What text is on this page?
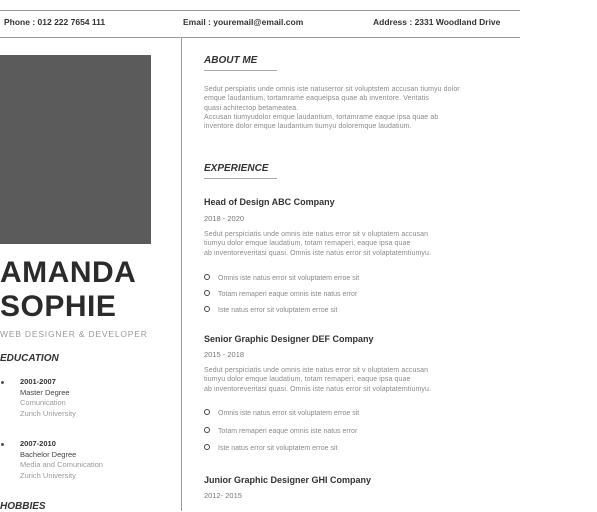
Phone : 012 222 7654 111	Email : youremail@email.com	Address : 2331 Woodland Drive
AMANDA
SOPHIE
WEB DESIGNER & DEVELOPER
EDUCATION
2001-2007
Master Degree
Comunication
Zurich University
2007-2010
Bachelor Degree
Media and Comunication
Zurich University
HOBBIES
ABOUT ME
Sedut perspiatis unde omnis iste natuserror sit voluptstem accusan tiumyu dolor
emque laudantium, tortamrame eaqueipsa quae ab inventore. Veritatis
quasi achitectop betameatea.
Accusan tiumyudolor emque laudantium, tortamrame eaque ipsa quae ab
inventore dolor emque laudantium tiumyu doloremque laudatium.
EXPERIENCE
Head of Design ABC Company
2018 - 2020
Sedut perspiciatis unde omnis iste natus error sit v oluptatem accusan
tiumyu dolor emque laudatium, totam remaperi, eaque ipsa quae
ab inventoreveritasi quasi. Omnis iste natus error sit volaptatemtiumyu.
Omnis iste natus error sit voluptatem erroe sit
Totam remaperi eaque omnis iste natus error
Iste natus error sit voluptatem erroe sit
Senior Graphic Designer DEF Company
2015 - 2018
Sedut perspiciatis unde omnis iste natus error sit v oluptatem accusan
tiumyu dolor emque laudatium, totam remaperi, eaque ipsa quae
ab inventoreveritasi quasi. Omnis iste natus error sit volaptatemtiumyu.
Omnis iste natus error sit voluptatem erroe sit
Totam remaperi eaque omnis iste natus error
Iste natus error sit voluptatem erroe sit
Junior Graphic Designer GHI Company
2012- 2015
